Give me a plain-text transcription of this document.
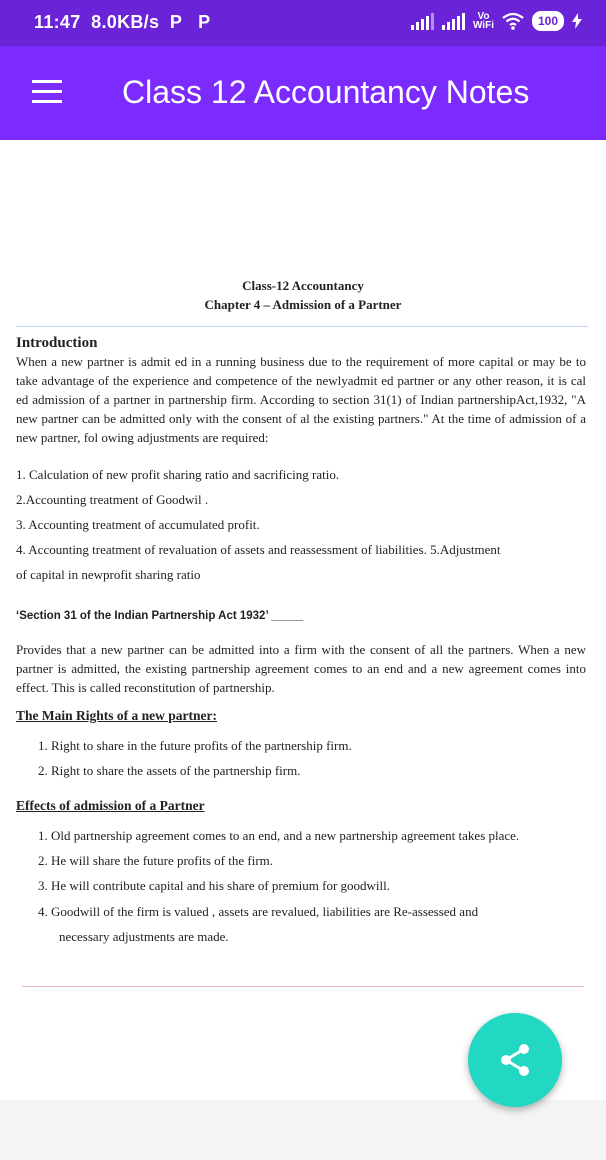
11:47 8.0KB/s P P	Vo
WiFi	100
Class 12 Accountancy Notes
Class-12 Accountancy
Chapter 4 – Admission of a Partner
Introduction
When a new partner is admit ed in a running business due to the requirement of more capital or may be to take advantage of the experience and competence of the newlyadmit ed partner or any other reason, it is cal ed admission of a partner in partnership firm. According to section 31(1) of Indian partnershipAct,1932, "A new partner can be admitted only with the consent of al the existing partners." At the time of admission of a new partner, fol owing adjustments are required:
1. Calculation of new profit sharing ratio and sacrificing ratio.
2.Accounting treatment of Goodwil .
3. Accounting treatment of accumulated profit.
4. Accounting treatment of revaluation of assets and reassessment of liabilities. 5.Adjustment
of capital in newprofit sharing ratio
‘Section 31 of the Indian Partnership Act 1932’ _____
Provides that a new partner can be admitted into a firm with the consent of all the partners. When a new partner is admitted, the existing partnership agreement comes to an end and a new agreement comes into effect. This is called reconstitution of partnership.
The Main Rights of a new partner:
1. Right to share in the future profits of the partnership firm.
2. Right to share the assets of the partnership firm.
Effects of admission of a Partner
1. Old partnership agreement comes to an end, and a new partnership agreement takes place.
2. He will share the future profits of the firm.
3. He will contribute capital and his share of premium for goodwill.
4. Goodwill of the firm is valued , assets are revalued, liabilities are Re-assessed and
necessary adjustments are made.
